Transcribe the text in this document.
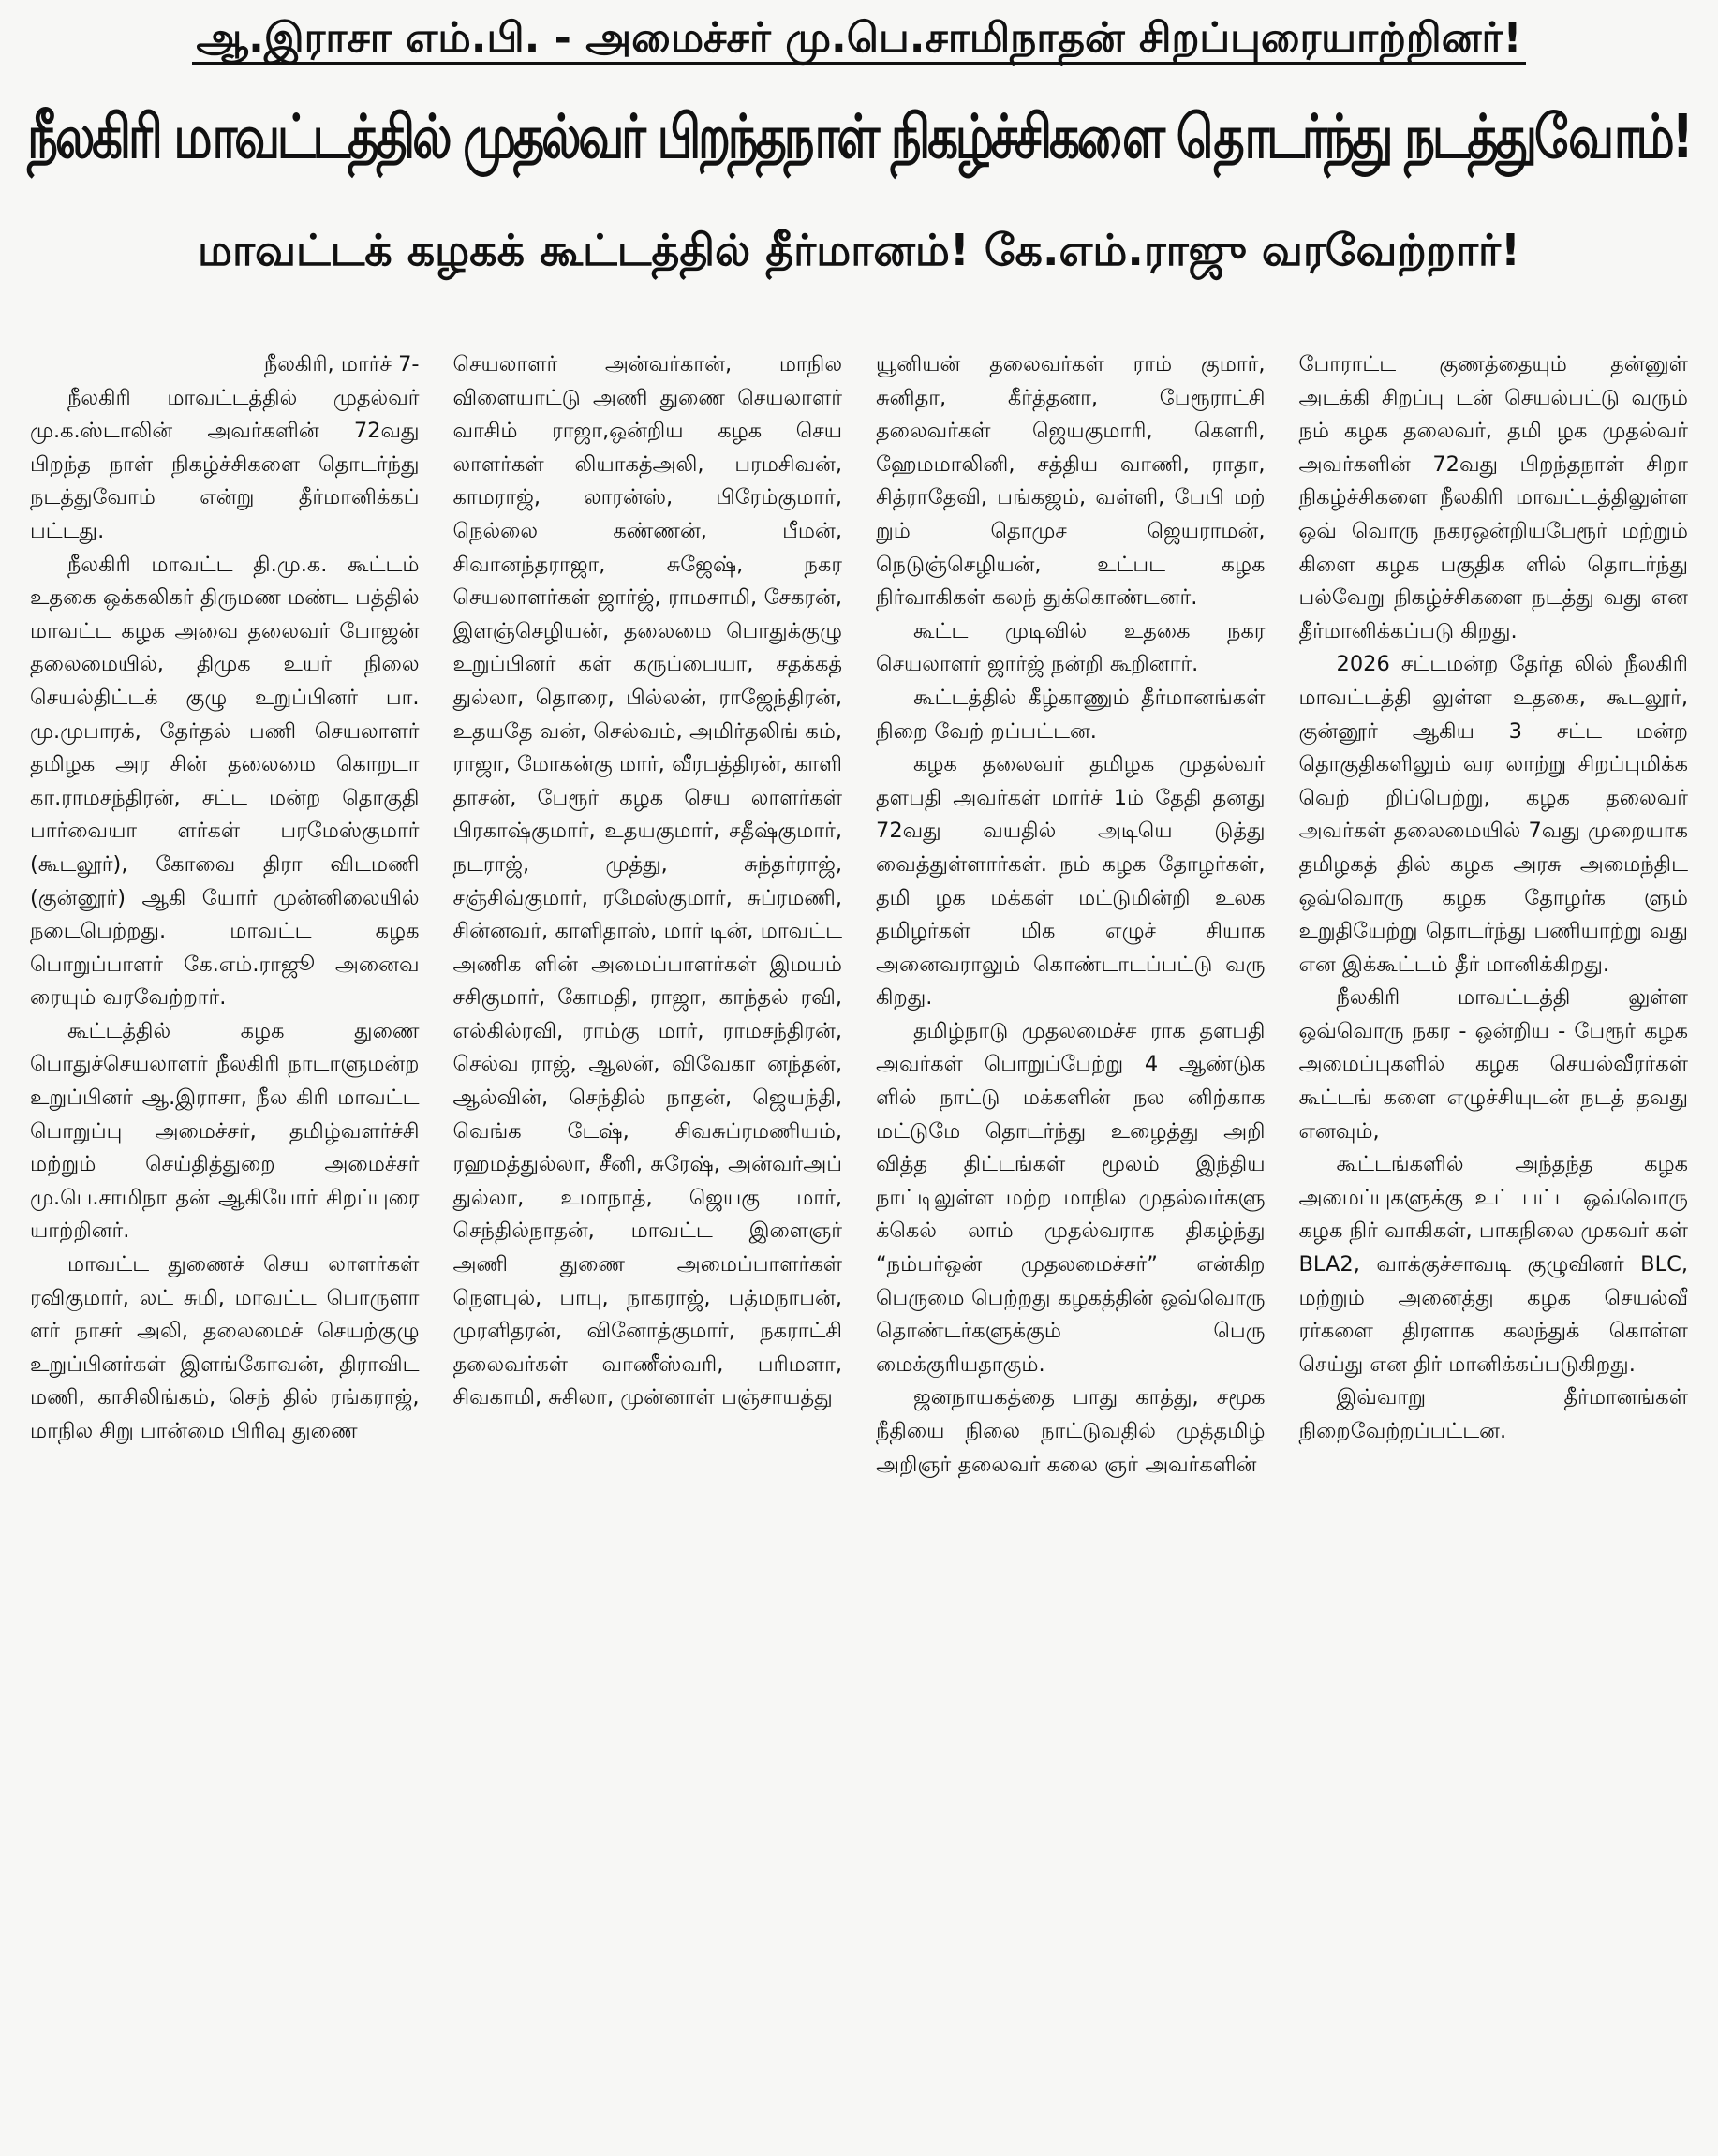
ஆ.இராசா எம்.பி. - அமைச்சர் மு.பெ.சாமிநாதன் சிறப்புரையாற்றினர்!
நீலகிரி மாவட்டத்தில் முதல்வர் பிறந்தநாள் நிகழ்ச்சிகளை தொடர்ந்து நடத்துவோம்!
மாவட்டக் கழகக் கூட்டத்தில் தீர்மானம்! கே.எம்.ராஜு வரவேற்றார்!

நீலகிரி, மார்ச் 7-

நீலகிரி மாவட்டத்தில் முதல்வர் மு.க.ஸ்டாலின் அவர்களின் 72வது பிறந்த நாள் நிகழ்ச்சிகளை தொடர்ந்து நடத்துவோம் என்று தீர்மானிக்கப் பட்டது.

நீலகிரி மாவட்ட தி.மு.க. கூட்டம் உதகை ஒக்கலிகர் திருமண மண்ட பத்தில் மாவட்ட கழக அவை தலைவர் போஜன் தலைமையில், திமுக உயர் நிலை செயல்திட்டக் குழு உறுப்பினர் பா. மு.முபாரக், தேர்தல் பணி செயலாளர் தமிழக அர சின் தலைமை கொறடா கா.ராமசந்திரன், சட்ட மன்ற தொகுதி பார்வையா ளர்கள் பரமேஸ்குமார் (கூடலூர்), கோவை திரா விடமணி (குன்னூர்) ஆகி யோர் முன்னிலையில் நடைபெற்றது. மாவட்ட கழக பொறுப்பாளர் கே.எம்.ராஜூ அனைவ ரையும் வரவேற்றார்.

கூட்டத்தில் கழக துணை பொதுச்செயலாளர் நீலகிரி நாடாளுமன்ற உறுப்பினர் ஆ.இராசா, நீல கிரி மாவட்ட பொறுப்பு அமைச்சர், தமிழ்வளர்ச்சி மற்றும் செய்தித்துறை அமைச்சர் மு.பெ.சாமிநா தன் ஆகியோர் சிறப்புரை யாற்றினர்.

மாவட்ட துணைச் செய லாளர்கள் ரவிகுமார், லட் சுமி, மாவட்ட பொருளா ளர் நாசர் அலி, தலைமைச் செயற்குழு உறுப்பினர்கள் இளங்கோவன், திராவிட மணி, காசிலிங்கம், செந் தில் ரங்கராஜ், மாநில சிறு பான்மை பிரிவு துணை

செயலாளர் அன்வர்கான், மாநில விளையாட்டு அணி துணை செயலாளர் வாசிம் ராஜா,ஒன்றிய கழக செய லாளர்கள் லியாகத்அலி, பரமசிவன், காமராஜ், லாரன்ஸ், பிரேம்குமார், நெல்லை கண்ணன், பீமன், சிவானந்தராஜா, சுஜேஷ், நகர செயலாளர்கள் ஜார்ஜ், ராமசாமி, சேகரன், இளஞ்செழியன், தலைமை பொதுக்குழு உறுப்பினர் கள் கருப்பையா, சதக்கத் துல்லா, தொரை, பில்லன், ராஜேந்திரன், உதயதே வன், செல்வம், அமிர்தலிங் கம், ராஜா, மோகன்கு மார், வீரபத்திரன், காளி தாசன், பேரூர் கழக செய லாளர்கள் பிரகாஷ்குமார், உதயகுமார், சதீஷ்குமார், நடராஜ், முத்து, சுந்தர்ராஜ், சஞ்சிவ்குமார், ரமேஸ்குமார், சுப்ரமணி, சின்னவர், காளிதாஸ், மார் டின், மாவட்ட அணிக ளின் அமைப்பாளர்கள் இமயம் சசிகுமார், கோமதி, ராஜா, காந்தல் ரவி, எல்கில்ரவி, ராம்கு மார், ராமசந்திரன், செல்வ ராஜ், ஆலன், விவேகா னந்தன், ஆல்வின், செந்தில் நாதன், ஜெயந்தி, வெங்க டேஷ், சிவசுப்ரமணியம், ரஹமத்துல்லா, சீனி, சுரேஷ், அன்வர்அப் துல்லா, உமாநாத், ஜெயகு மார், செந்தில்நாதன், மாவட்ட இளைஞர் அணி துணை அமைப்பாளர்கள் நௌபுல், பாபு, நாகராஜ், பத்மநாபன், முரளிதரன், வினோத்குமார், நகராட்சி தலைவர்கள் வாணீஸ்வரி, பரிமளா, சிவகாமி, சுசிலா, முன்னாள் பஞ்சாயத்து

யூனியன் தலைவர்கள் ராம் குமார், சுனிதா, கீர்த்தனா, பேரூராட்சி தலைவர்கள் ஜெயகுமாரி, கௌரி, ஹேமமாலினி, சத்திய வாணி, ராதா, சித்ராதேவி, பங்கஜம், வள்ளி, பேபி மற் றும் தொமுச ஜெயராமன், நெடுஞ்செழியன், உட்பட கழக நிர்வாகிகள் கலந் துக்கொண்டனர்.

கூட்ட முடிவில் உதகை நகர செயலாளர் ஜார்ஜ் நன்றி கூறினார்.

கூட்டத்தில் கீழ்காணும் தீர்மானங்கள் நிறை வேற் றப்பட்டன.

கழக தலைவர் தமிழக முதல்வர் தளபதி அவர்கள் மார்ச் 1ம் தேதி தனது 72வது வயதில் அடியெ டுத்து வைத்துள்ளார்கள். நம் கழக தோழர்கள், தமி ழக மக்கள் மட்டுமின்றி உலக தமிழர்கள் மிக எழுச் சியாக அனைவராலும் கொண்டாடப்பட்டு வரு கிறது.

தமிழ்நாடு முதலமைச்ச ராக தளபதி அவர்கள் பொறுப்பேற்று 4 ஆண்டுக ளில் நாட்டு மக்களின் நல னிற்காக மட்டுமே தொடர்ந்து உழைத்து அறி வித்த திட்டங்கள் மூலம் இந்திய நாட்டிலுள்ள மற்ற மாநில முதல்வர்களு க்கெல் லாம் முதல்வராக திகழ்ந்து “நம்பர்ஒன் முதலமைச்சர்” என்கிற பெருமை பெற்றது கழகத்தின் ஒவ்வொரு தொண்டர்களுக்கும் பெரு மைக்குரியதாகும்.

ஜனநாயகத்தை பாது காத்து, சமூக நீதியை நிலை நாட்டுவதில் முத்தமிழ் அறிஞர் தலைவர் கலை ஞர் அவர்களின்

போராட்ட குணத்தையும் தன்னுள் அடக்கி சிறப்பு டன் செயல்பட்டு வரும் நம் கழக தலைவர், தமி ழக முதல்வர் அவர்களின் 72வது பிறந்தநாள் சிறா நிகழ்ச்சிகளை நீலகிரி மாவட்டத்திலுள்ள ஒவ் வொரு நகரஒன்றியபேரூர் மற்றும் கிளை கழக பகுதிக ளில் தொடர்ந்து பல்வேறு நிகழ்ச்சிகளை நடத்து வது என தீர்மானிக்கப்படு கிறது.

2026 சட்டமன்ற தேர்த லில் நீலகிரி மாவட்டத்தி லுள்ள உதகை, கூடலூர், குன்னூர் ஆகிய 3 சட்ட மன்ற தொகுதிகளிலும் வர லாற்று சிறப்புமிக்க வெற் றிப்பெற்று, கழக தலைவர் அவர்கள் தலைமையில் 7வது முறையாக தமிழகத் தில் கழக அரசு அமைந்திட ஒவ்வொரு கழக தோழர்க ளும் உறுதியேற்று தொடர்ந்து பணியாற்று வது என இக்கூட்டம் தீர் மானிக்கிறது.

நீலகிரி மாவட்டத்தி லுள்ள ஒவ்வொரு நகர - ஒன்றிய - பேரூர் கழக அமைப்புகளில் கழக செயல்வீரர்கள் கூட்டங் களை எழுச்சியுடன் நடத் தவது எனவும்,

கூட்டங்களில் அந்தந்த கழக அமைப்புகளுக்கு உட் பட்ட ஒவ்வொரு கழக நிர் வாகிகள், பாகநிலை முகவர் கள் BLA2, வாக்குச்சாவடி குழுவினர் BLC, மற்றும் அனைத்து கழக செயல்வீ ரர்களை திரளாக கலந்துக் கொள்ள செய்து என திர் மானிக்கப்படுகிறது.

இவ்வாறு தீர்மானங்கள் நிறைவேற்றப்பட்டன.
